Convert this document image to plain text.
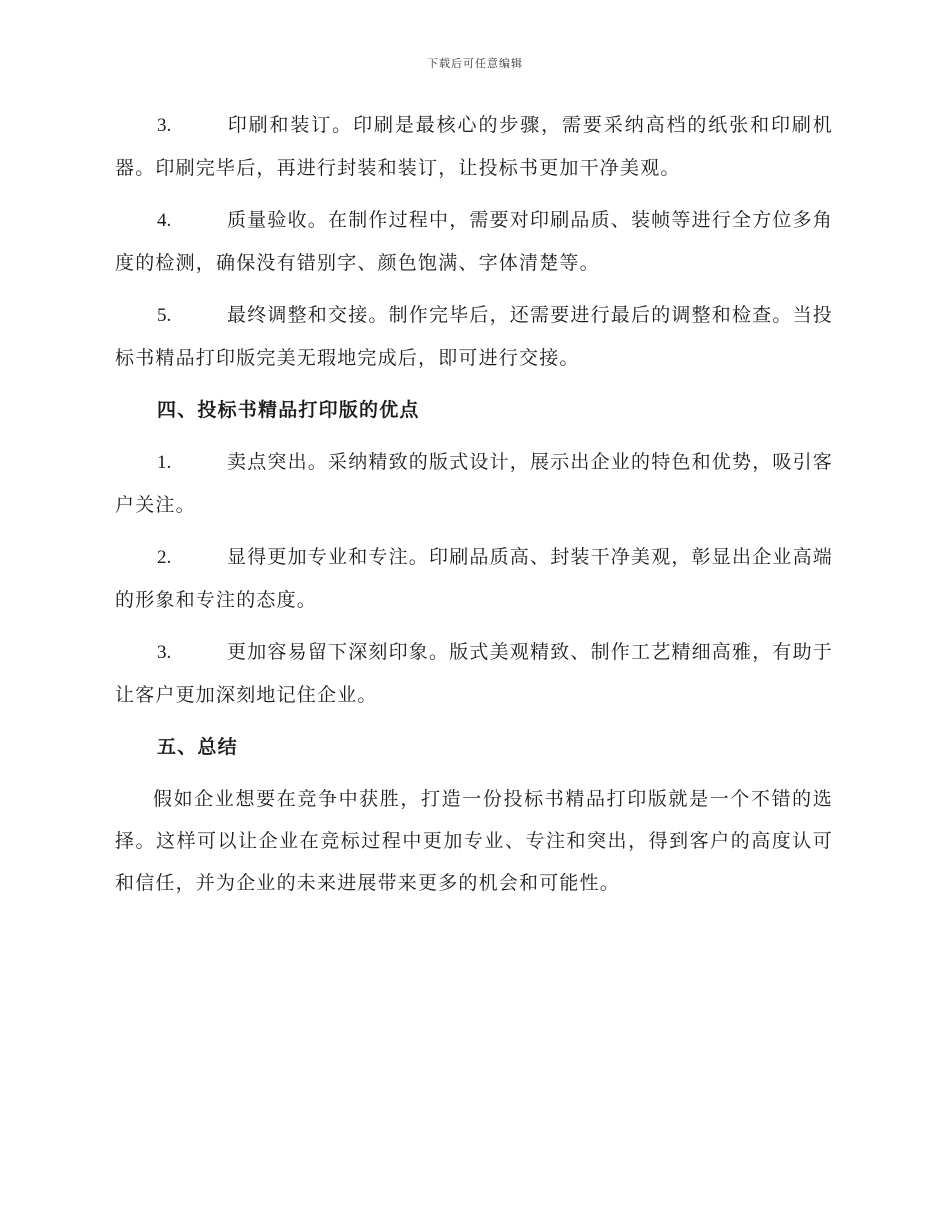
下载后可任意编辑

3.	印刷和装订。印刷是最核心的步骤，需要采纳高档的纸张和印刷机器。印刷完毕后，再进行封装和装订，让投标书更加干净美观。

4.	质量验收。在制作过程中，需要对印刷品质、装帧等进行全方位多角度的检测，确保没有错别字、颜色饱满、字体清楚等。

5.	最终调整和交接。制作完毕后，还需要进行最后的调整和检查。当投标书精品打印版完美无瑕地完成后，即可进行交接。

四、投标书精品打印版的优点

1.	卖点突出。采纳精致的版式设计，展示出企业的特色和优势，吸引客户关注。

2.	显得更加专业和专注。印刷品质高、封装干净美观，彰显出企业高端的形象和专注的态度。

3.	更加容易留下深刻印象。版式美观精致、制作工艺精细高雅，有助于让客户更加深刻地记住企业。

五、总结

假如企业想要在竞争中获胜，打造一份投标书精品打印版就是一个不错的选择。这样可以让企业在竞标过程中更加专业、专注和突出，得到客户的高度认可和信任，并为企业的未来进展带来更多的机会和可能性。
